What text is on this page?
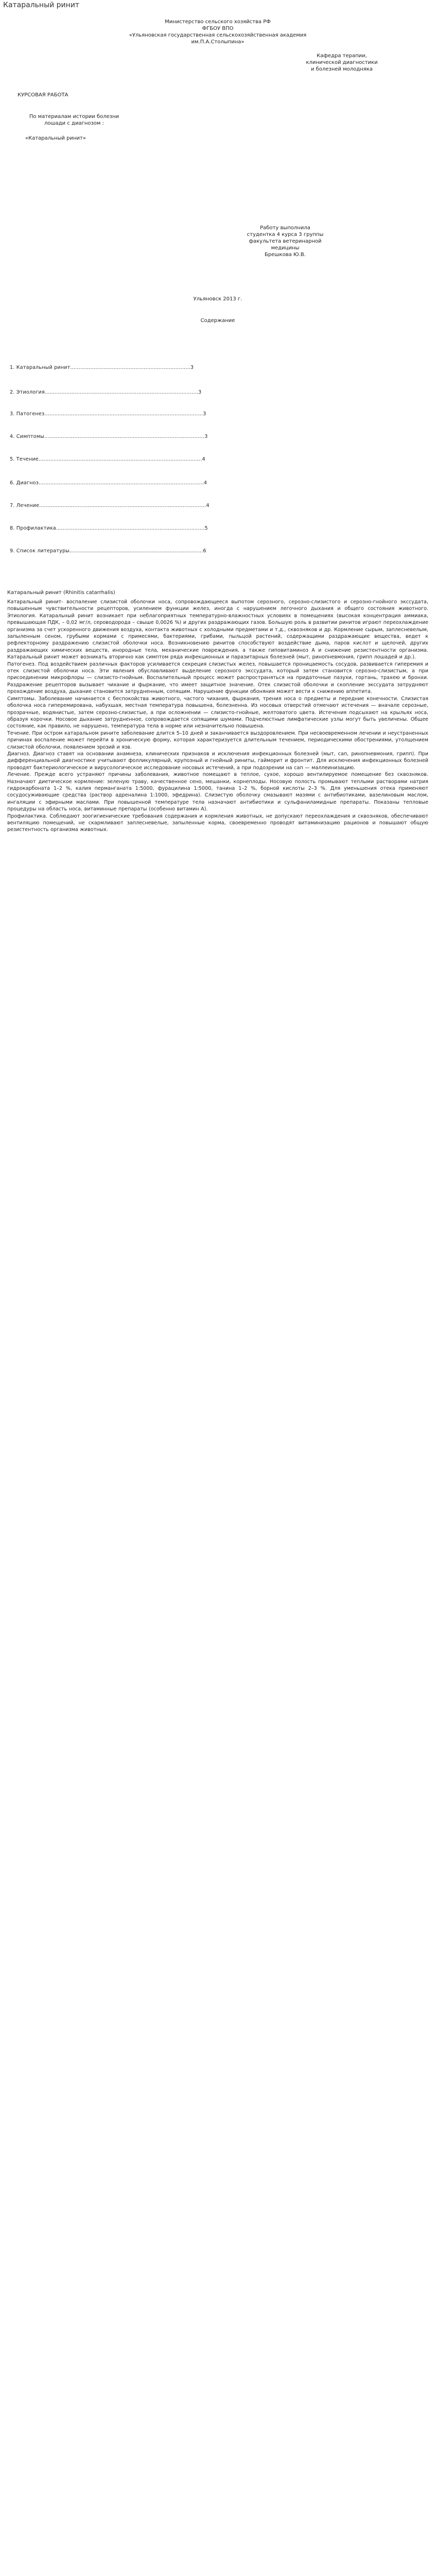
Катаральный ринит
Министерство сельского хозяйства РФ
ФГБОУ ВПО
«Ульяновская государственная сельскохозяйственная академия
им.П.А.Столыпина»
Кафедра терапии,
клинической диагностики
и болезней молодняка
КУРСОВАЯ РАБОТА
По материалам истории болезни
лошади с диагнозом :
«Катаральный ринит»
Работу выполнила
студентка 4 курса 3 группы
факультета ветеринарной
медицины
Брешкова Ю.В.
Ульяновск 2013 г.
Содержание
1. Катаральный ринит........................................................................3
2. Этиология............................................................................................3
3. Патогенез...............................................................................................3
4. Симптомы................................................................................................3
5. Течение..................................................................................................4
6. Диагноз...................................................................................................4
7. Лечение....................................................................................................4
8. Профилактика.........................................................................................5
9. Список литературы................................................................................6
Катаральный ринит (Rhinitis catarrhalis)

Катаральный ринит- воспаление слизистой оболочки носа, сопровождающееся выпотом серозного, серозно-слизистого и серозно-гнойного экссудата, повышенным чувствительности рецепторов, усилением функции желез, иногда с нарушением легочного дыхания и общего состояния животного. Этиология. Катаральный ринит возникает при неблагоприятных температурно-влажностных условиях в помещениях (высокая концентрация аммиака, превышающая ПДК, – 0,02 мг/л, сероводорода – свыше 0,0026 %) и других раздражающих газов. Большую роль в развитии ринитов играют переохлаждение организма за счет ускоренного движения воздуха, контакта животных с холодными предметами и т.д., сквозняков и др. Кормление сырым, заплесневелым, запыленным сеном, грубыми кормами с примесями, бактериями, грибами, пыльцой растений, содержащими раздражающие вещества, ведет к рефлекторному раздражению слизистой оболочки носа. Возникновению ринитов способствуют воздействие дыма, паров кислот и щелочей, других раздражающих химических веществ, инородные тела, механические повреждения, а также гиповитаминоз А и снижение резистентности организма. Катаральный ринит может возникать вторично как симптом ряда инфекционных и паразитарных болезней (мыт, ринопневмония, грипп лошадей и др.).

Патогенез. Под воздействием различных факторов усиливается секреция слизистых желез, повышается проницаемость сосудов, развивается гиперемия и отек слизистой оболочки носа. Эти явления обуславливают выделение серозного экссудата, который затем становится серозно-слизистым, а при присоединении микрофлоры — слизисто-гнойным. Воспалительный процесс может распространяться на придаточные пазухи, гортань, трахею и бронхи. Раздражение рецепторов вызывает чихание и фыркание, что имеет защитное значение. Отек слизистой оболочки и скопление экссудата затрудняют прохождение воздуха, дыхание становится затрудненным, сопящим. Нарушение функции обоняния может вести к снижению аппетита.

Симптомы. Заболевание начинается с беспокойства животного, частого чихания, фыркания, трения носа о предметы и передние конечности. Слизистая оболочка носа гиперемирована, набухшая, местная температура повышена, болезненна. Из носовых отверстий отмечают истечения — вначале серозные, прозрачные, водянистые, затем серозно-слизистые, а при осложнении — слизисто-гнойные, желтоватого цвета. Истечения подсыхают на крыльях носа, образуя корочки. Носовое дыхание затрудненное, сопровождается сопящими шумами. Подчелюстные лимфатические узлы могут быть увеличены. Общее состояние, как правило, не нарушено, температура тела в норме или незначительно повышена.

Течение. При остром катаральном рините заболевание длится 5–10 дней и заканчивается выздоровлением. При несвоевременном лечении и неустраненных причинах воспаление может перейти в хроническую форму, которая характеризуется длительным течением, периодическими обострениями, утолщением слизистой оболочки, появлением эрозий и язв.

Диагноз. Диагноз ставят на основании анамнеза, клинических признаков и исключения инфекционных болезней (мыт, сап, ринопневмония, грипп). При дифференциальной диагностике учитывают фолликулярный, крупозный и гнойный риниты, гайморит и фронтит. Для исключения инфекционных болезней проводят бактериологическое и вирусологическое исследование носовых истечений, а при подозрении на сап — маллеинизацию.

Лечение. Прежде всего устраняют причины заболевания, животное помещают в теплое, сухое, хорошо вентилируемое помещение без сквозняков. Назначают диетическое кормление: зеленую траву, качественное сено, мешанки, корнеплоды. Носовую полость промывают теплыми растворами натрия гидрокарбоната 1–2 %, калия перманганата 1:5000, фурацилина 1:5000, танина 1–2 %, борной кислоты 2–3 %. Для уменьшения отека применяют сосудосуживающие средства (раствор адреналина 1:1000, эфедрина). Слизистую оболочку смазывают мазями с антибиотиками, вазелиновым маслом, ингаляции с эфирными маслами. При повышенной температуре тела назначают антибиотики и сульфаниламидные препараты. Показаны тепловые процедуры на область носа, витаминные препараты (особенно витамин А).

Профилактика. Соблюдают зоогигиенические требования содержания и кормления животных, не допускают переохлаждения и сквозняков, обеспечивают вентиляцию помещений, не скармливают заплесневелые, запыленные корма, своевременно проводят витаминизацию рационов и повышают общую резистентность организма животных.
